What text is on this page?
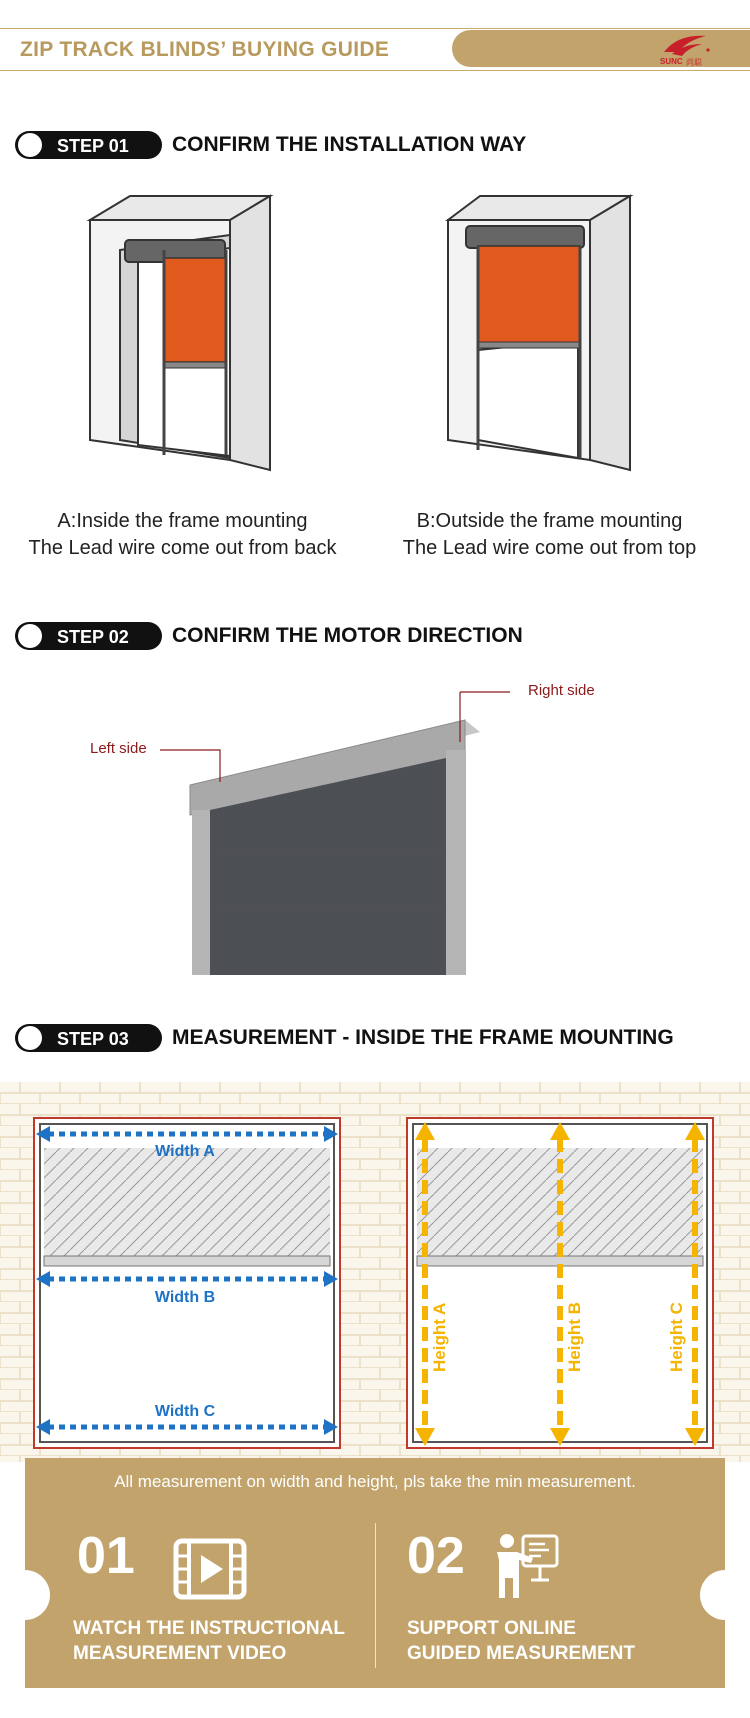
ZIP TRACK BLINDS’ BUYING GUIDE
SUNC 尚聪
STEP 01 CONFIRM THE INSTALLATION WAY
A:Inside the frame mounting
The Lead wire come out from back
B:Outside the frame mounting
The Lead wire come out from top
STEP 02 CONFIRM THE MOTOR DIRECTION
Left side
Right side
STEP 03 MEASUREMENT - INSIDE THE FRAME MOUNTING
Width A
Width B
Width C
Height A	Height B	Height C
All measurement on width and height, pls take the min measurement.
01
WATCH THE INSTRUCTIONAL
MEASUREMENT VIDEO
02
SUPPORT ONLINE
GUIDED MEASUREMENT
